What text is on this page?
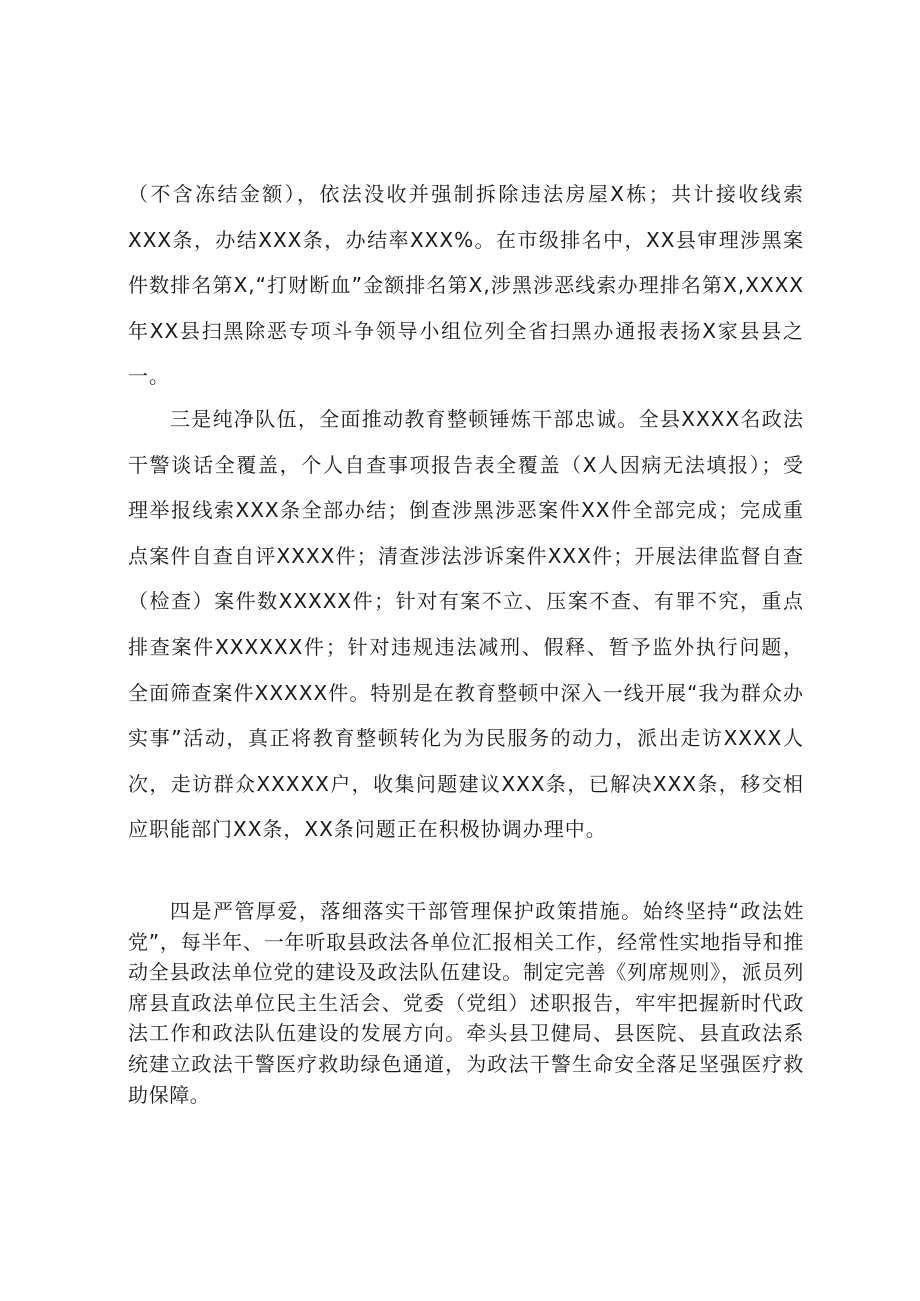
（不含冻结金额），依法没收并强制拆除违法房屋X栋；共计接收线索XXX条，办结XXX条，办结率XXX%。在市级排名中，XX县审理涉黑案件数排名第X,“打财断血”金额排名第X,涉黑涉恶线索办理排名第X,XXXX年XX县扫黑除恶专项斗争领导小组位列全省扫黑办通报表扬X家县县之一。

三是纯净队伍，全面推动教育整顿锤炼干部忠诚。全县XXXX名政法干警谈话全覆盖，个人自查事项报告表全覆盖（X人因病无法填报）；受理举报线索XXX条全部办结；倒查涉黑涉恶案件XX件全部完成；完成重点案件自查自评XXXX件；清查涉法涉诉案件XXX件；开展法律监督自查（检查）案件数XXXXX件；针对有案不立、压案不查、有罪不究，重点排查案件XXXXXX件；针对违规违法减刑、假释、暂予监外执行问题，全面筛查案件XXXXX件。特别是在教育整顿中深入一线开展“我为群众办实事”活动，真正将教育整顿转化为为民服务的动力，派出走访XXXX人次，走访群众XXXXX户，收集问题建议XXX条，已解决XXX条，移交相应职能部门XX条，XX条问题正在积极协调办理中。

四是严管厚爱，落细落实干部管理保护政策措施。始终坚持“政法姓党”，每半年、一年听取县政法各单位汇报相关工作，经常性实地指导和推动全县政法单位党的建设及政法队伍建设。制定完善《列席规则》，派员列席县直政法单位民主生活会、党委（党组）述职报告，牢牢把握新时代政法工作和政法队伍建设的发展方向。牵头县卫健局、县医院、县直政法系统建立政法干警医疗救助绿色通道，为政法干警生命安全落足坚强医疗救助保障。
